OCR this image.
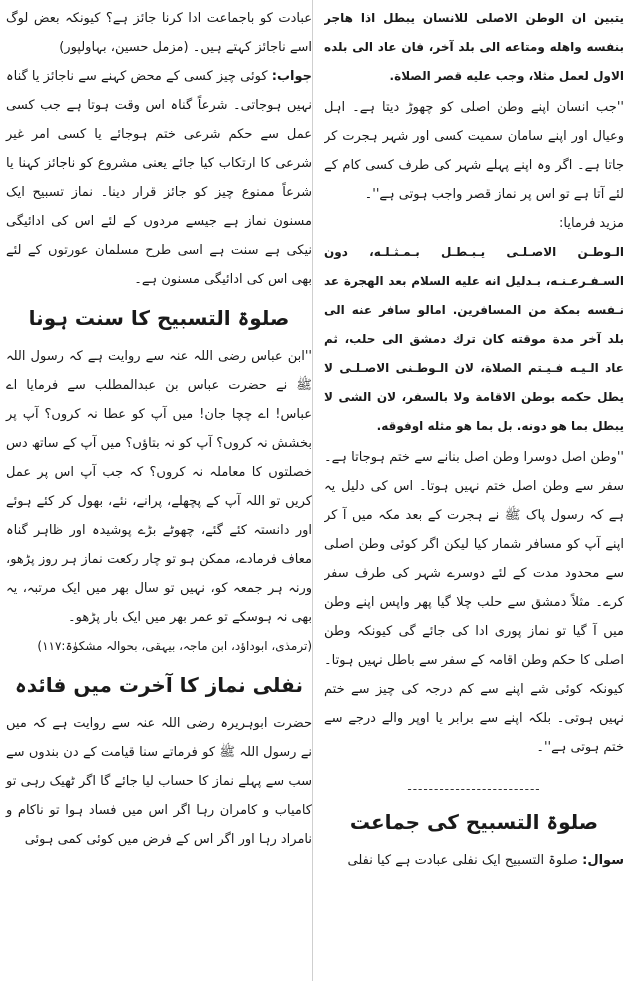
يتبين ان الوطن الاصلى للانسان يبطل اذا هاجر بنفسه واهله ومتاعه الى بلد آخر، فان عاد الى بلده الاول لعمل مثلا، وجب عليه قصر الصلاة.

''جب انسان اپنے وطن اصلی کو چھوڑ دیتا ہے۔ اہل وعیال اور اپنے سامان سمیت کسی اور شہر ہجرت کر جاتا ہے۔ اگر وہ اپنے پہلے شہر کی طرف کسی کام کے لئے آتا ہے تو اس پر نماز قصر واجب ہوتی ہے''۔

مزید فرمایا:

الـوطـن الاصـلـى يـبـطـل بـمـثـلـه، دون السـفـرعـنـه، بـدليل انه عليه السلام بعد الهجرة عد نـفسه بمكة من المسافرين. امالو سافر عنه الى بلد آخر مدة موقته كان ترك دمشق الى حلب، ثم عاد الـيـه فـيـتم الصلاة، لان الـوطـنى الاصـلـى لا يطل حكمه بوطن الاقامة ولا بالسفر، لان الشى لا يبطل بما هو دونه. بل بما هو مثله اوفوقه.

''وطن اصل دوسرا وطن اصل بنانے سے ختم ہوجاتا ہے۔ سفر سے وطن اصل ختم نہیں ہوتا۔ اس کی دلیل یہ ہے کہ رسول پاک ﷺ نے ہجرت کے بعد مکہ میں آ کر اپنے آپ کو مسافر شمار کیا لیکن اگر کوئی وطن اصلی سے محدود مدت کے لئے دوسرے شہر کی طرف سفر کرے۔ مثلاً دمشق سے حلب چلا گیا پھر واپس اپنے وطن میں آ گیا تو نماز پوری ادا کی جائے گی کیونکہ وطن اصلی کا حکم وطن اقامہ کے سفر سے باطل نہیں ہوتا۔ کیونکہ کوئی شے اپنے سے کم درجہ کی چیز سے ختم نہیں ہوتی۔ بلکہ اپنے سے برابر یا اوپر والے درجے سے ختم ہوتی ہے''۔

-------------------------
صلوۃ التسبیح کی جماعت

سوال: صلوۃ التسبیح ایک نفلی عبادت ہے کیا نفلی

عبادت کو باجماعت ادا کرنا جائز ہے؟ کیونکہ بعض لوگ اسے ناجائز کہتے ہیں۔ (مزمل حسین، بہاولپور)

جواب: کوئی چیز کسی کے محض کہنے سے ناجائز یا گناہ نہیں ہوجاتی۔ شرعاً گناہ اس وقت ہوتا ہے جب کسی عمل سے حکم شرعی ختم ہوجائے یا کسی امر غیر شرعی کا ارتکاب کیا جائے یعنی مشروع کو ناجائز کہنا یا شرعاً ممنوع چیز کو جائز قرار دینا۔ نماز تسبیح ایک مسنون نماز ہے جیسے مردوں کے لئے اس کی ادائیگی نیکی ہے سنت ہے اسی طرح مسلمان عورتوں کے لئے بھی اس کی ادائیگی مسنون ہے۔

صلوۃ التسبیح کا سنت ہونا

''ابن عباس رضی اللہ عنہ سے روایت ہے کہ رسول اللہ ﷺ نے حضرت عباس بن عبدالمطلب سے فرمایا اے عباس! اے چچا جان! میں آپ کو عطا نہ کروں؟ آپ پر بخشش نہ کروں؟ آپ کو نہ بتاؤں؟ میں آپ کے ساتھ دس خصلتوں کا معاملہ نہ کروں؟ کہ جب آپ اس پر عمل کریں تو اللہ آپ کے پچھلے، پرانے، نئے، بھول کر کئے ہوئے اور دانستہ کئے گئے، چھوٹے بڑے پوشیدہ اور ظاہر گناہ معاف فرمادے، ممکن ہو تو چار رکعت نماز ہر روز پڑھو، ورنہ ہر جمعہ کو، نہیں تو سال بھر میں ایک مرتبہ، یہ بھی نہ ہوسکے تو عمر بھر میں ایک بار پڑھو۔

(ترمذی، ابوداؤد، ابن ماجہ، بیہقی، بحوالہ مشکوٰۃ:۱۱۷)

نفلی نماز کا آخرت میں فائدہ

حضرت ابوہریرہ رضی اللہ عنہ سے روایت ہے کہ میں نے رسول اللہ ﷺ کو فرماتے سنا قیامت کے دن بندوں سے سب سے پہلے نماز کا حساب لیا جائے گا اگر ٹھیک رہی تو کامیاب و کامران رہا اگر اس میں فساد ہوا تو ناکام و نامراد رہا اور اگر اس کے فرض میں کوئی کمی ہوئی
